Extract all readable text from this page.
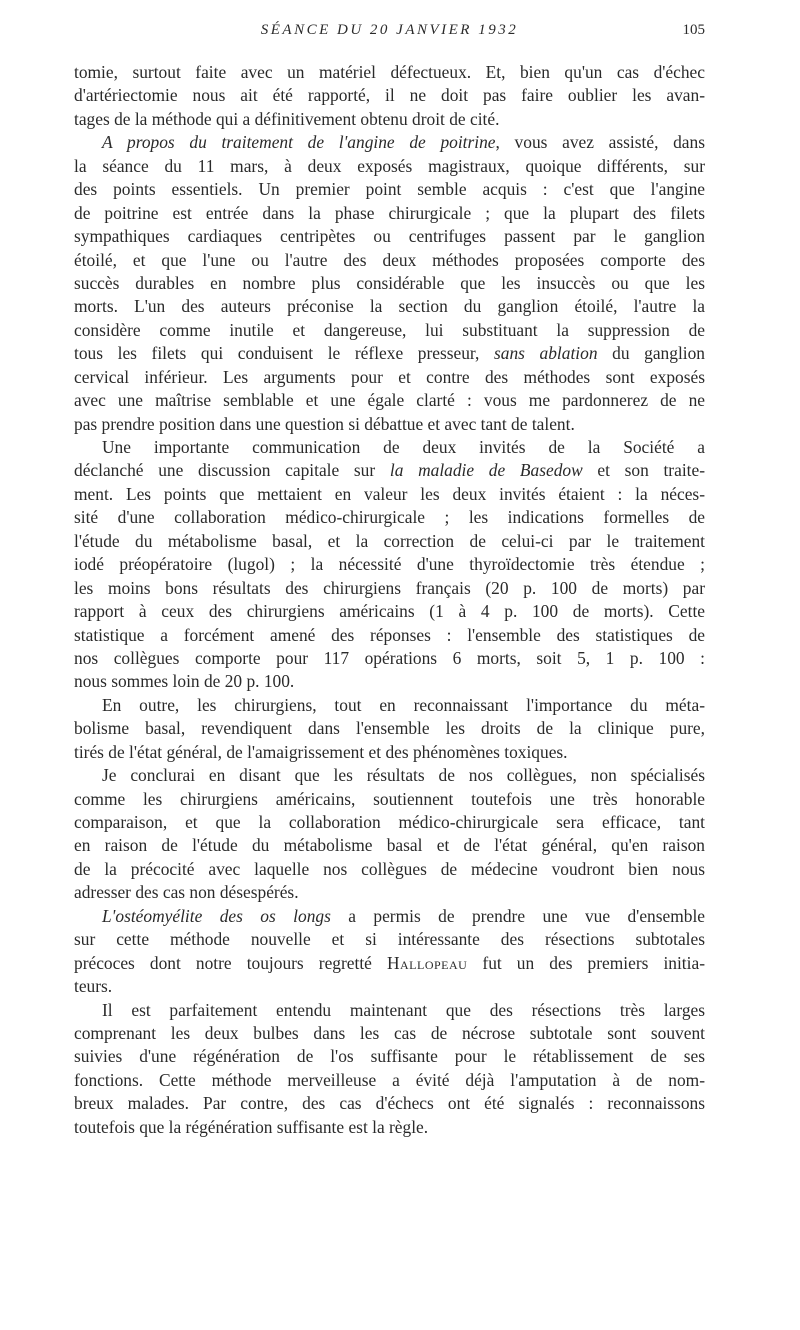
SÉANCE DU 20 JANVIER 1932	105
tomie, surtout faite avec un matériel défectueux. Et, bien qu'un cas d'échec
d'artériectomie nous ait été rapporté, il ne doit pas faire oublier les avan-
tages de la méthode qui a définitivement obtenu droit de cité.
A propos du traitement de l'angine de poitrine, vous avez assisté, dans
la séance du 11 mars, à deux exposés magistraux, quoique différents, sur
des points essentiels. Un premier point semble acquis : c'est que l'angine
de poitrine est entrée dans la phase chirurgicale ; que la plupart des filets
sympathiques cardiaques centripètes ou centrifuges passent par le ganglion
étoilé, et que l'une ou l'autre des deux méthodes proposées comporte des
succès durables en nombre plus considérable que les insuccès ou que les
morts. L'un des auteurs préconise la section du ganglion étoilé, l'autre la
considère comme inutile et dangereuse, lui substituant la suppression de
tous les filets qui conduisent le réflexe presseur, sans ablation du ganglion
cervical inférieur. Les arguments pour et contre des méthodes sont exposés
avec une maîtrise semblable et une égale clarté : vous me pardonnerez de ne
pas prendre position dans une question si débattue et avec tant de talent.
Une importante communication de deux invités de la Société a
déclanché une discussion capitale sur la maladie de Basedow et son traite-
ment. Les points que mettaient en valeur les deux invités étaient : la néces-
sité d'une collaboration médico-chirurgicale ; les indications formelles de
l'étude du métabolisme basal, et la correction de celui-ci par le traitement
iodé préopératoire (lugol) ; la nécessité d'une thyroïdectomie très étendue ;
les moins bons résultats des chirurgiens français (20 p. 100 de morts) par
rapport à ceux des chirurgiens américains (1 à 4 p. 100 de morts). Cette
statistique a forcément amené des réponses : l'ensemble des statistiques de
nos collègues comporte pour 117 opérations 6 morts, soit 5, 1 p. 100 :
nous sommes loin de 20 p. 100.
En outre, les chirurgiens, tout en reconnaissant l'importance du méta-
bolisme basal, revendiquent dans l'ensemble les droits de la clinique pure,
tirés de l'état général, de l'amaigrissement et des phénomènes toxiques.
Je conclurai en disant que les résultats de nos collègues, non spécialisés
comme les chirurgiens américains, soutiennent toutefois une très honorable
comparaison, et que la collaboration médico-chirurgicale sera efficace, tant
en raison de l'étude du métabolisme basal et de l'état général, qu'en raison
de la précocité avec laquelle nos collègues de médecine voudront bien nous
adresser des cas non désespérés.
L'ostéomyélite des os longs a permis de prendre une vue d'ensemble
sur cette méthode nouvelle et si intéressante des résections subtotales
précoces dont notre toujours regretté Hallopeau fut un des premiers initia-
teurs.
Il est parfaitement entendu maintenant que des résections très larges
comprenant les deux bulbes dans les cas de nécrose subtotale sont souvent
suivies d'une régénération de l'os suffisante pour le rétablissement de ses
fonctions. Cette méthode merveilleuse a évité déjà l'amputation à de nom-
breux malades. Par contre, des cas d'échecs ont été signalés : reconnaissons
toutefois que la régénération suffisante est la règle.
